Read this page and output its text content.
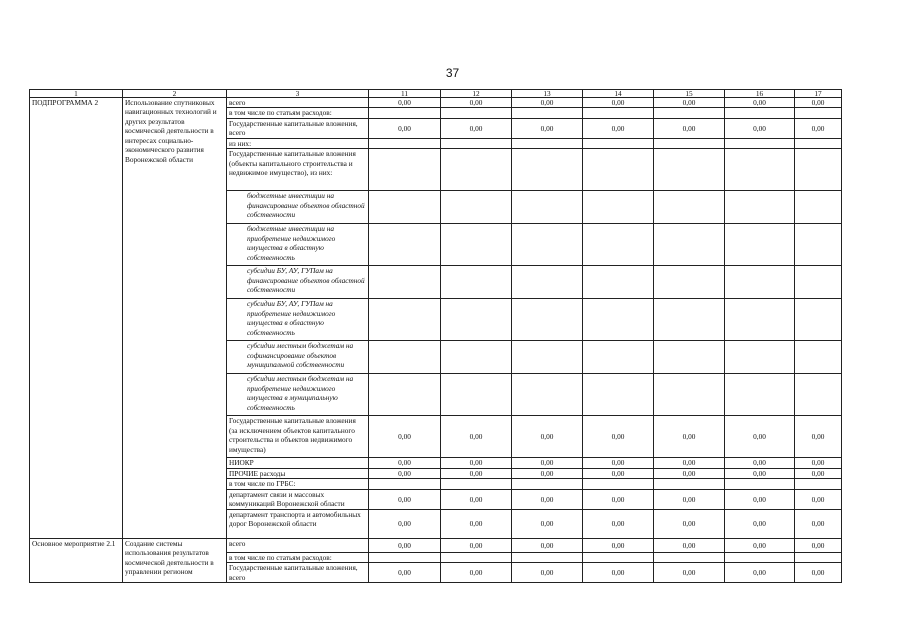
37
1	2	3	11	12	13	14	15	16	17
ПОДПРОГРАММА 2	Использование спутниковых навигационных технологий и других результатов космической деятельности в интересах социально-экономического развития Воронежской области	всего	0,00	0,00	0,00	0,00	0,00	0,00	0,00
		в том числе по статьям расходов:							
		Государственные капитальные вложения, всего	0,00	0,00	0,00	0,00	0,00	0,00	0,00
		из них:							
		Государственные капитальные вложения (объекты капитального строительства и недвижимое имущество), из них:							

		бюджетные инвестиции на финансирование объектов областной собственности							

		бюджетные инвестиции на приобретение недвижимого имущества в областную собственность							

		субсидии БУ, АУ, ГУПам на финансирование объектов областной собственности							

		субсидии БУ, АУ, ГУПам на приобретение недвижимого имущества в областную собственность							

		субсидии местным бюджетам на софинансирование объектов муниципальной собственности							

		субсидии местным бюджетам на приобретение недвижимого имущества в муниципальную собственность							

		Государственные капитальные вложения (за исключением объектов капитального строительства и объектов недвижимого имущества)	0,00	0,00	0,00	0,00	0,00	0,00	0,00
		НИОКР	0,00	0,00	0,00	0,00	0,00	0,00	0,00
		ПРОЧИЕ расходы	0,00	0,00	0,00	0,00	0,00	0,00	0,00
		в том числе по ГРБС:							
		департамент связи и массовых коммуникаций Воронежской области	0,00	0,00	0,00	0,00	0,00	0,00	0,00
		департамент транспорта и автомобильных дорог Воронежской области	0,00	0,00	0,00	0,00	0,00	0,00	0,00
Основное мероприятие 2.1	Создание системы использования результатов космической деятельности в управлении регионом	всего	0,00	0,00	0,00	0,00	0,00	0,00	0,00
		в том числе по статьям расходов:							
		Государственные капитальные вложения, всего	0,00	0,00	0,00	0,00	0,00	0,00	0,00
